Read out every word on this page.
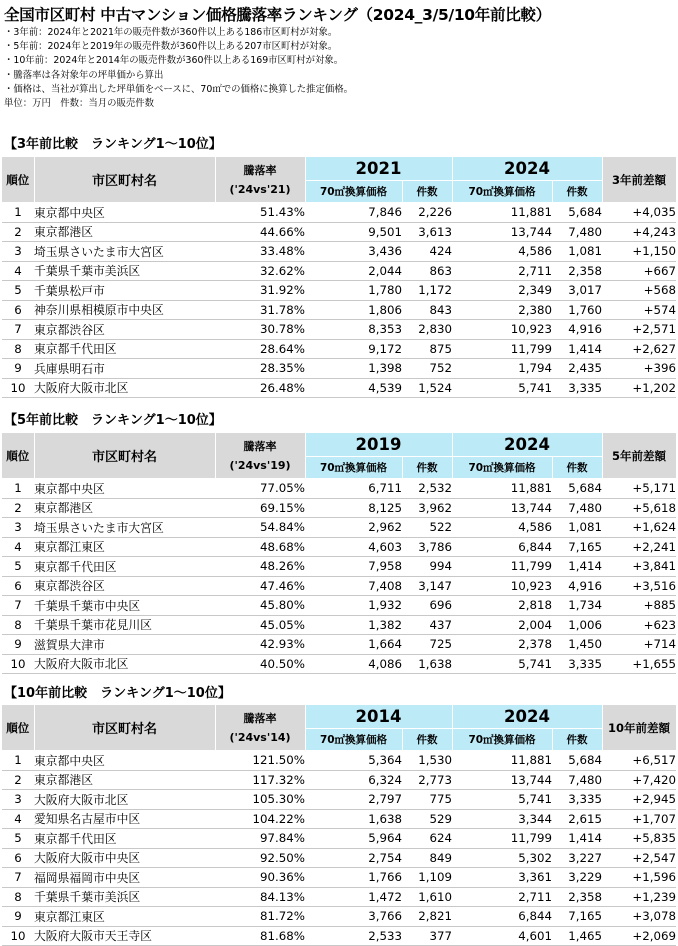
全国市区町村 中古マンション価格騰落率ランキング（2024_3/5/10年前比較）
・3年前：2024年と2021年の販売件数が360件以上ある186市区町村が対象。
・5年前：2024年と2019年の販売件数が360件以上ある207市区町村が対象。
・10年前：2024年と2014年の販売件数が360件以上ある169市区町村が対象。
・騰落率は各対象年の坪単価から算出
・価格は、当社が算出した坪単価をベースに、70㎡での価格に換算した推定価格。
単位：万円　件数：当月の販売件数
【3年前比較　ランキング1～10位】
順位	市区町村名	騰落率
('24vs'21)	2021		2024		3年前差額
			70㎡換算価格	件数	70㎡換算価格	件数	
1	東京都中央区	51.43%	7,846	2,226	11,881	5,684	+4,035
2	東京都港区	44.66%	9,501	3,613	13,744	7,480	+4,243
3	埼玉県さいたま市大宮区	33.48%	3,436	424	4,586	1,081	+1,150
4	千葉県千葉市美浜区	32.62%	2,044	863	2,711	2,358	+667
5	千葉県松戸市	31.92%	1,780	1,172	2,349	3,017	+568
6	神奈川県相模原市中央区	31.78%	1,806	843	2,380	1,760	+574
7	東京都渋谷区	30.78%	8,353	2,830	10,923	4,916	+2,571
8	東京都千代田区	28.64%	9,172	875	11,799	1,414	+2,627
9	兵庫県明石市	28.35%	1,398	752	1,794	2,435	+396
10	大阪府大阪市北区	26.48%	4,539	1,524	5,741	3,335	+1,202
【5年前比較　ランキング1～10位】
順位	市区町村名	騰落率
('24vs'19)	2019		2024		5年前差額
			70㎡換算価格	件数	70㎡換算価格	件数	
1	東京都中央区	77.05%	6,711	2,532	11,881	5,684	+5,171
2	東京都港区	69.15%	8,125	3,962	13,744	7,480	+5,618
3	埼玉県さいたま市大宮区	54.84%	2,962	522	4,586	1,081	+1,624
4	東京都江東区	48.68%	4,603	3,786	6,844	7,165	+2,241
5	東京都千代田区	48.26%	7,958	994	11,799	1,414	+3,841
6	東京都渋谷区	47.46%	7,408	3,147	10,923	4,916	+3,516
7	千葉県千葉市中央区	45.80%	1,932	696	2,818	1,734	+885
8	千葉県千葉市花見川区	45.05%	1,382	437	2,004	1,006	+623
9	滋賀県大津市	42.93%	1,664	725	2,378	1,450	+714
10	大阪府大阪市北区	40.50%	4,086	1,638	5,741	3,335	+1,655
【10年前比較　ランキング1～10位】
順位	市区町村名	騰落率
('24vs'14)	2014		2024		10年前差額
			70㎡換算価格	件数	70㎡換算価格	件数	
1	東京都中央区	121.50%	5,364	1,530	11,881	5,684	+6,517
2	東京都港区	117.32%	6,324	2,773	13,744	7,480	+7,420
3	大阪府大阪市北区	105.30%	2,797	775	5,741	3,335	+2,945
4	愛知県名古屋市中区	104.22%	1,638	529	3,344	2,615	+1,707
5	東京都千代田区	97.84%	5,964	624	11,799	1,414	+5,835
6	大阪府大阪市中央区	92.50%	2,754	849	5,302	3,227	+2,547
7	福岡県福岡市中央区	90.36%	1,766	1,109	3,361	3,229	+1,596
8	千葉県千葉市美浜区	84.13%	1,472	1,610	2,711	2,358	+1,239
9	東京都江東区	81.72%	3,766	2,821	6,844	7,165	+3,078
10	大阪府大阪市天王寺区	81.68%	2,533	377	4,601	1,465	+2,069
